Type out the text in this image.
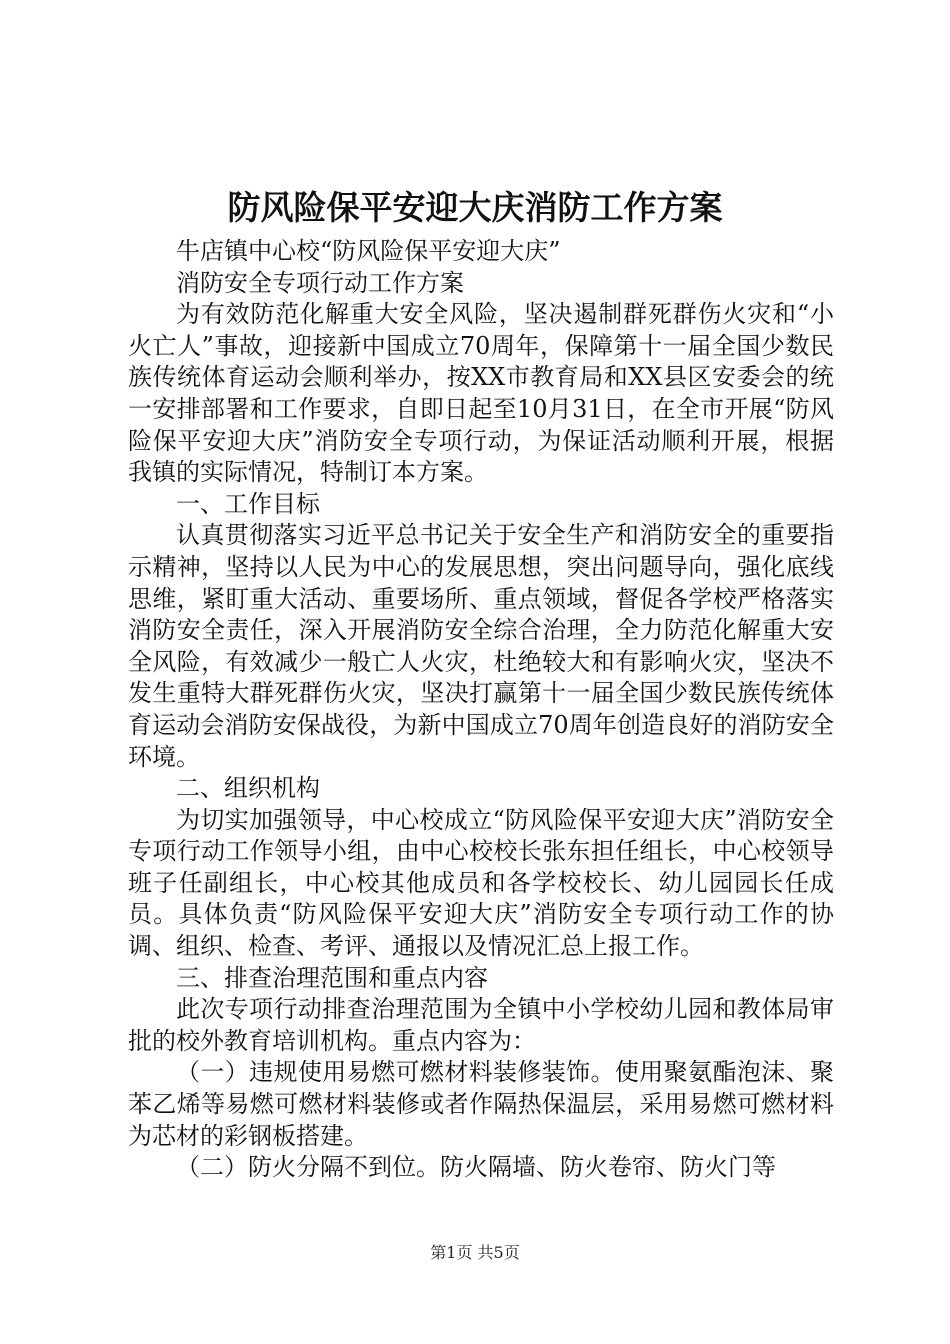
防风险保平安迎大庆消防工作方案

牛店镇中心校“防风险保平安迎大庆”

消防安全专项行动工作方案

为有效防范化解重大安全风险，坚决遏制群死群伤火灾和“小火亡人”事故，迎接新中国成立70周年，保障第十一届全国少数民族传统体育运动会顺利举办，按XX市教育局和XX县区安委会的统一安排部署和工作要求，自即日起至10月31日，在全市开展“防风险保平安迎大庆”消防安全专项行动，为保证活动顺利开展，根据我镇的实际情况，特制订本方案。

一、工作目标

认真贯彻落实习近平总书记关于安全生产和消防安全的重要指示精神，坚持以人民为中心的发展思想，突出问题导向，强化底线思维，紧盯重大活动、重要场所、重点领域，督促各学校严格落实消防安全责任，深入开展消防安全综合治理，全力防范化解重大安全风险，有效减少一般亡人火灾，杜绝较大和有影响火灾，坚决不发生重特大群死群伤火灾，坚决打赢第十一届全国少数民族传统体育运动会消防安保战役，为新中国成立70周年创造良好的消防安全环境。

二、组织机构

为切实加强领导，中心校成立“防风险保平安迎大庆”消防安全专项行动工作领导小组，由中心校校长张东担任组长，中心校领导班子任副组长，中心校其他成员和各学校校长、幼儿园园长任成员。具体负责“防风险保平安迎大庆”消防安全专项行动工作的协调、组织、检查、考评、通报以及情况汇总上报工作。

三、排查治理范围和重点内容

此次专项行动排查治理范围为全镇中小学校幼儿园和教体局审批的校外教育培训机构。重点内容为：

（一）违规使用易燃可燃材料装修装饰。使用聚氨酯泡沫、聚苯乙烯等易燃可燃材料装修或者作隔热保温层，采用易燃可燃材料为芯材的彩钢板搭建。

（二）防火分隔不到位。防火隔墙、防火卷帘、防火门等

第1页 共5页
